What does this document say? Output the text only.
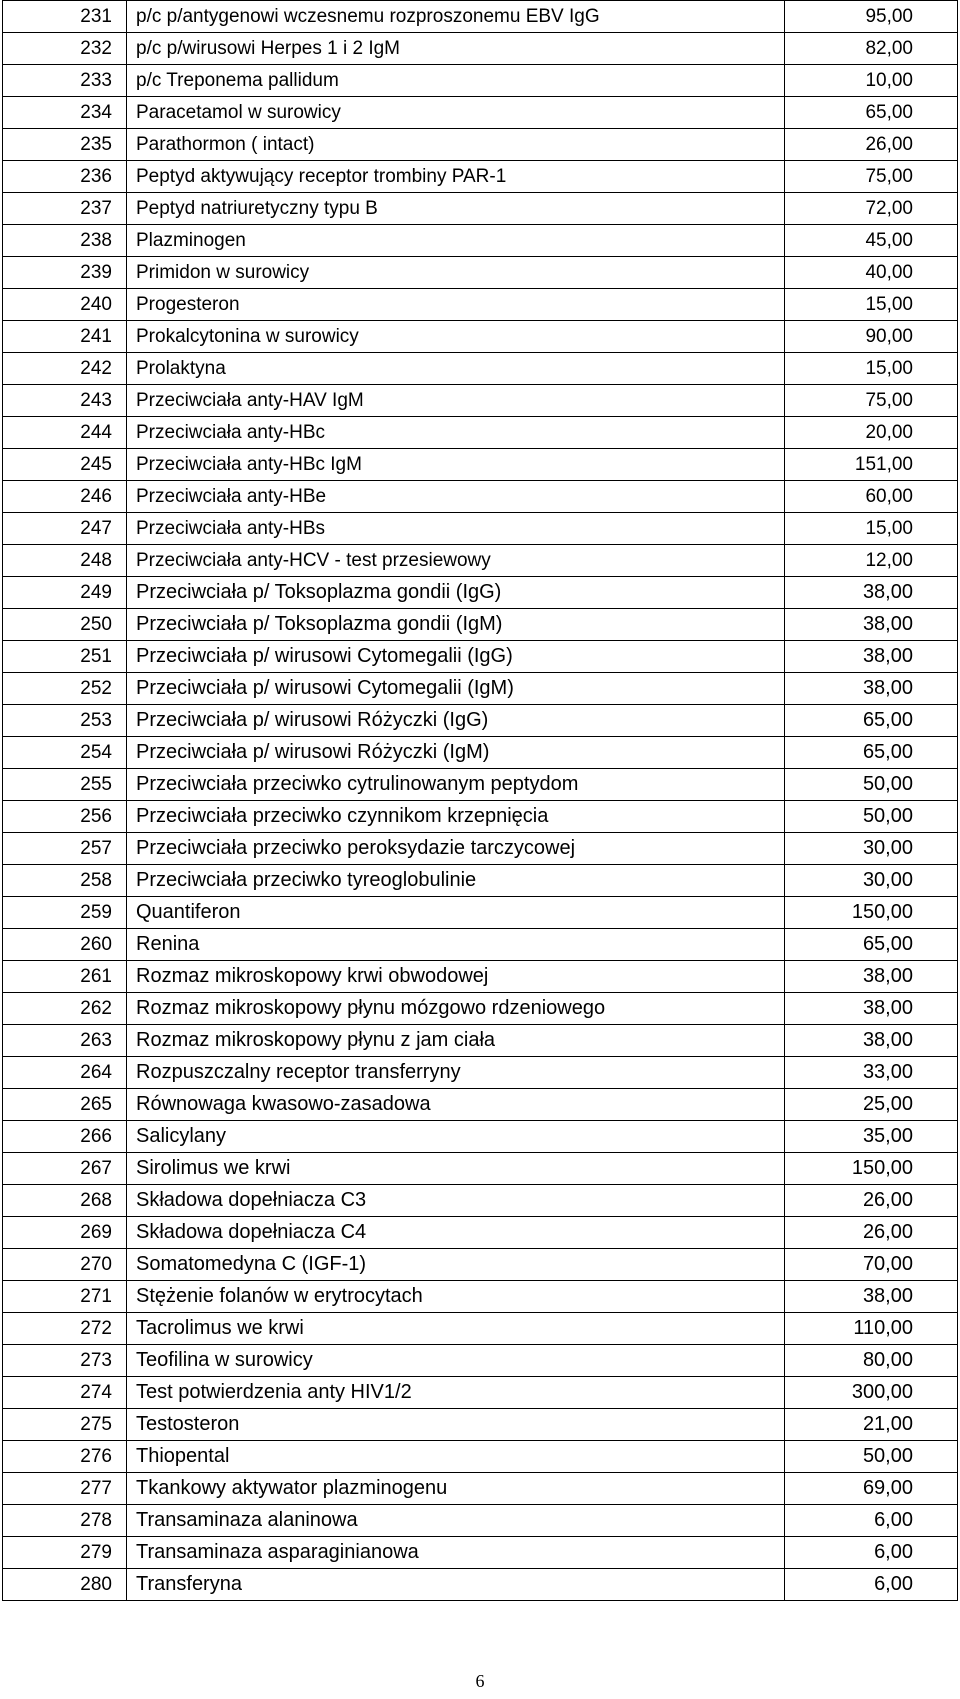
231	p/c p/antygenowi wczesnemu rozproszonemu EBV IgG	95,00
232	p/c p/wirusowi Herpes 1 i 2 IgM	82,00
233	p/c Treponema pallidum	10,00
234	Paracetamol w surowicy	65,00
235	Parathormon ( intact)	26,00
236	Peptyd aktywujący receptor trombiny PAR-1	75,00
237	Peptyd natriuretyczny typu B	72,00
238	Plazminogen	45,00
239	Primidon w surowicy	40,00
240	Progesteron	15,00
241	Prokalcytonina w surowicy	90,00
242	Prolaktyna	15,00
243	Przeciwciała anty-HAV IgM	75,00
244	Przeciwciała anty-HBc	20,00
245	Przeciwciała anty-HBc IgM	151,00
246	Przeciwciała anty-HBe	60,00
247	Przeciwciała anty-HBs	15,00
248	Przeciwciała anty-HCV - test przesiewowy	12,00
249	Przeciwciała p/ Toksoplazma gondii (IgG)	38,00
250	Przeciwciała p/ Toksoplazma gondii (IgM)	38,00
251	Przeciwciała p/ wirusowi Cytomegalii (IgG)	38,00
252	Przeciwciała p/ wirusowi Cytomegalii (IgM)	38,00
253	Przeciwciała p/ wirusowi Różyczki (IgG)	65,00
254	Przeciwciała p/ wirusowi Różyczki (IgM)	65,00
255	Przeciwciała przeciwko cytrulinowanym peptydom	50,00
256	Przeciwciała przeciwko czynnikom krzepnięcia	50,00
257	Przeciwciała przeciwko peroksydazie tarczycowej	30,00
258	Przeciwciała przeciwko tyreoglobulinie	30,00
259	Quantiferon	150,00
260	Renina	65,00
261	Rozmaz mikroskopowy krwi obwodowej	38,00
262	Rozmaz mikroskopowy płynu mózgowo rdzeniowego	38,00
263	Rozmaz mikroskopowy płynu z jam ciała	38,00
264	Rozpuszczalny receptor transferryny	33,00
265	Równowaga kwasowo-zasadowa	25,00
266	Salicylany	35,00
267	Sirolimus we krwi	150,00
268	Składowa dopełniacza C3	26,00
269	Składowa dopełniacza C4	26,00
270	Somatomedyna C (IGF-1)	70,00
271	Stężenie folanów w erytrocytach	38,00
272	Tacrolimus we krwi	110,00
273	Teofilina w surowicy	80,00
274	Test potwierdzenia anty HIV1/2	300,00
275	Testosteron	21,00
276	Thiopental	50,00
277	Tkankowy aktywator plazminogenu	69,00
278	Transaminaza alaninowa	6,00
279	Transaminaza asparaginianowa	6,00
280	Transferyna	6,00
6
